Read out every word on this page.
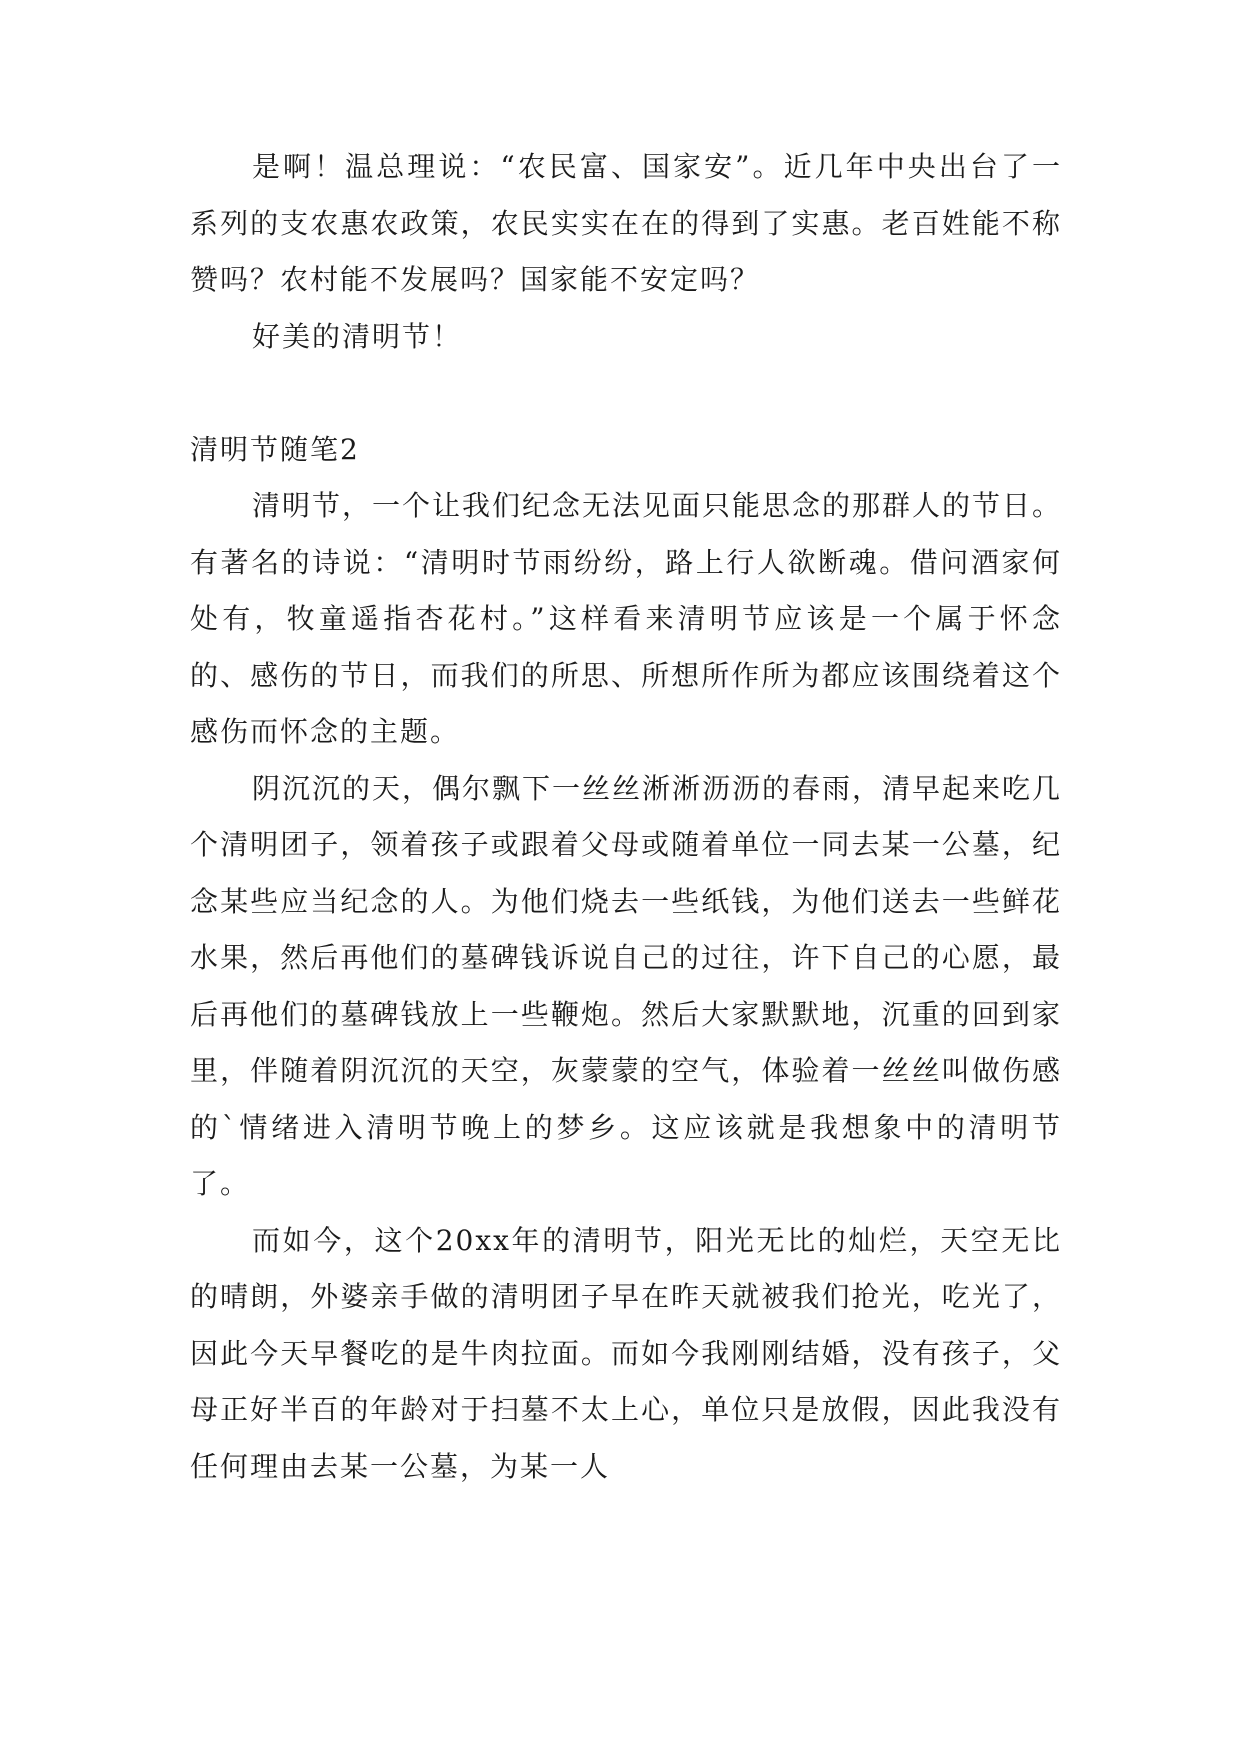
是啊！温总理说：“农民富、国家安”。近几年中央出台了一系列的支农惠农政策，农民实实在在的得到了实惠。老百姓能不称赞吗？农村能不发展吗？国家能不安定吗？

好美的清明节！

清明节随笔2

清明节，一个让我们纪念无法见面只能思念的那群人的节日。有著名的诗说：“清明时节雨纷纷，路上行人欲断魂。借问酒家何处有，牧童遥指杏花村。”这样看来清明节应该是一个属于怀念的、感伤的节日，而我们的所思、所想所作所为都应该围绕着这个感伤而怀念的主题。

阴沉沉的天，偶尔飘下一丝丝淅淅沥沥的春雨，清早起来吃几个清明团子，领着孩子或跟着父母或随着单位一同去某一公墓，纪念某些应当纪念的人。为他们烧去一些纸钱，为他们送去一些鲜花水果，然后再他们的墓碑钱诉说自己的过往，许下自己的心愿，最后再他们的墓碑钱放上一些鞭炮。然后大家默默地，沉重的回到家里，伴随着阴沉沉的天空，灰蒙蒙的空气，体验着一丝丝叫做伤感的`情绪进入清明节晚上的梦乡。这应该就是我想象中的清明节了。

而如今，这个20xx年的清明节，阳光无比的灿烂，天空无比的晴朗，外婆亲手做的清明团子早在昨天就被我们抢光，吃光了，因此今天早餐吃的是牛肉拉面。而如今我刚刚结婚，没有孩子，父母正好半百的年龄对于扫墓不太上心，单位只是放假，因此我没有任何理由去某一公墓，为某一人
